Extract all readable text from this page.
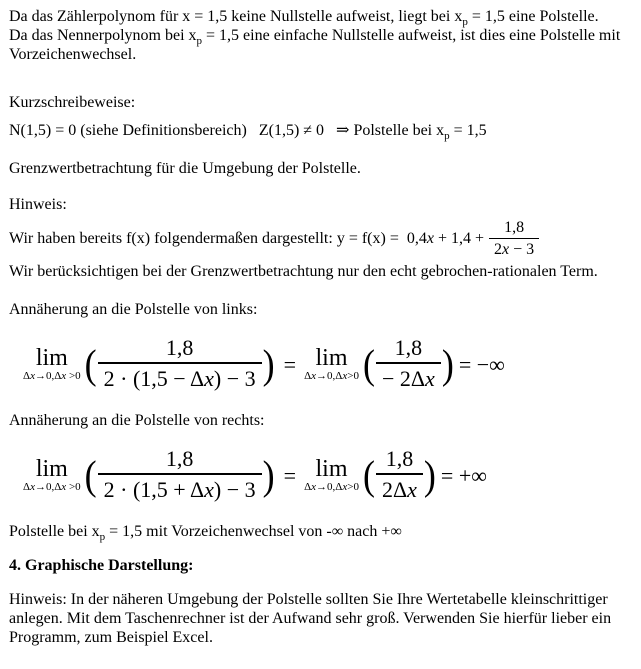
Da das Zählerpolynom für x = 1,5 keine Nullstelle aufweist, liegt bei $x_p = 1,5$ eine Polstelle.
Da das Nennerpolynom bei $x_p = 1,5$ eine einfache Nullstelle aufweist, ist dies eine Polstelle mit Vorzeichenwechsel.

Kurzschreibeweise:

N(1,5) = 0 (siehe Definitionsbereich)   Z(1,5) ≠ 0   ⇒ Polstelle bei $x_p = 1,5$

Grenzwertbetrachtung für die Umgebung der Polstelle.

Hinweis:

Wir haben bereits f(x) folgendermaßen dargestellt: $y = f(x) = 0,4x + 1,4 + \frac{1,8}{2x - 3}$

Wir berücksichtigen bei der Grenzwertbetrachtung nur den echt gebrochen-rationalen Term.

Annäherung an die Polstelle von links:

lim
Δx→0,Δx >0 ( $\frac{1,8}{2 \cdot (1,5 - \Delta x) - 3}$ ) = lim
Δx→0,Δx>0 ( $\frac{1,8}{- 2\Delta x}$ ) = −∞

Annäherung an die Polstelle von rechts:

lim
Δx→0,Δx >0 ( $\frac{1,8}{2 \cdot (1,5 + \Delta x) - 3}$ ) = lim
Δx→0,Δx>0 ( $\frac{1,8}{2\Delta x}$ ) = +∞

Polstelle bei $x_p = 1,5$ mit Vorzeichenwechsel von -∞ nach +∞

4. Graphische Darstellung:

Hinweis: In der näheren Umgebung der Polstelle sollten Sie Ihre Wertetabelle kleinschrittiger anlegen. Mit dem Taschenrechner ist der Aufwand sehr groß. Verwenden Sie hierfür lieber ein Programm, zum Beispiel Excel.
